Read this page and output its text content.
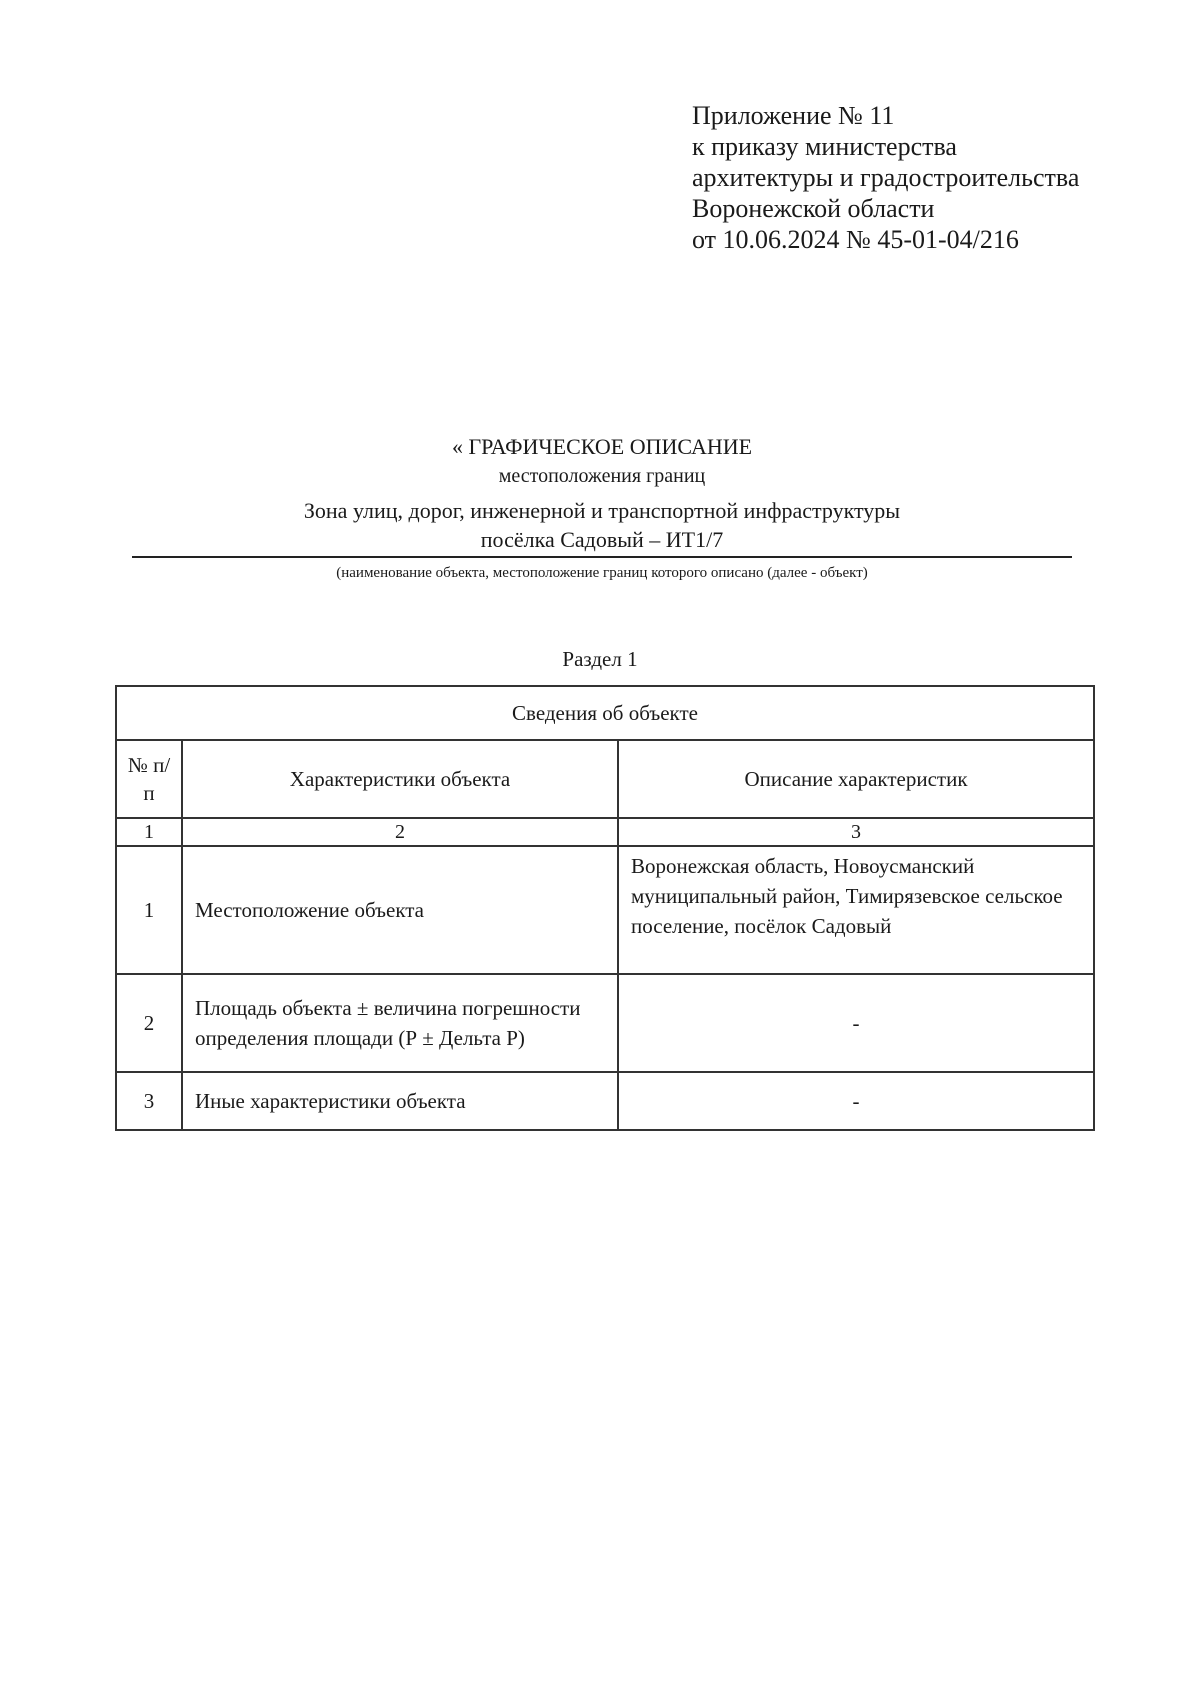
Приложение № 11
к приказу министерства
архитектуры и градостроительства
Воронежской области
от 10.06.2024 № 45-01-04/216
« ГРАФИЧЕСКОЕ ОПИСАНИЕ
местоположения границ
Зона улиц, дорог, инженерной и транспортной инфраструктуры
посёлка Садовый – ИТ1/7
(наименование объекта, местоположение границ которого описано (далее - объект)
Раздел 1
Сведения об объекте		
№ п/п	Характеристики объекта	Описание характеристик
1	2	3
1	Местоположение объекта	Воронежская область, Новоусманский муниципальный район, Тимирязевское сельское поселение, посёлок Садовый
2	Площадь объекта ± величина погрешности определения площади (Р ± Дельта Р)	-
3	Иные характеристики объекта	-
